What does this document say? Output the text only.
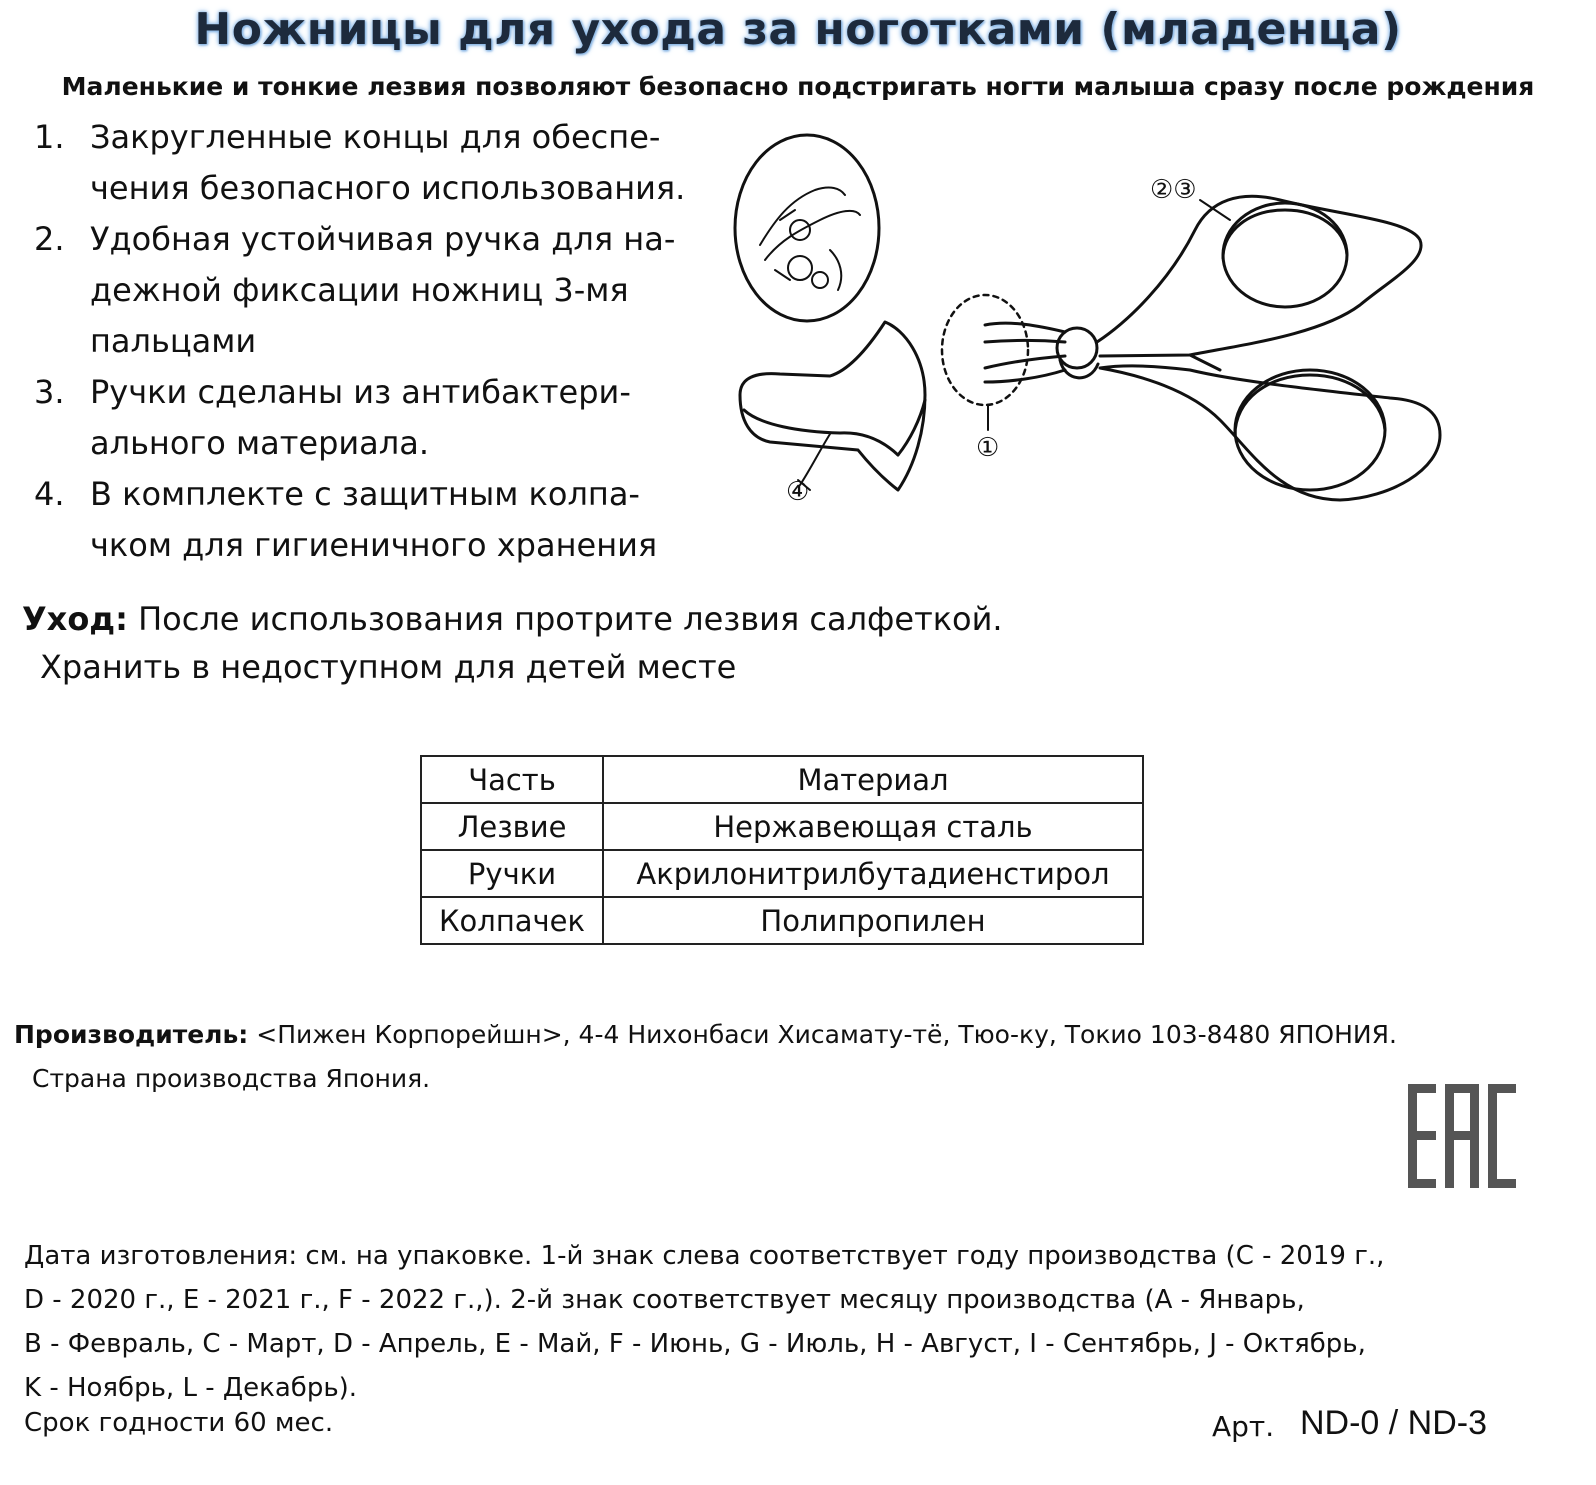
Ножницы для ухода за ноготками (младенца)
Маленькие и тонкие лезвия позволяют безопасно подстригать ногти малыша сразу после рождения
1. Закругленные концы для обеспе-чения безопасного использования.
2. Удобная устойчивая ручка для на-дежной фиксации ножниц 3-мя пальцами
3. Ручки сделаны из антибактери-ального материала.
4. В комплекте с защитным колпа-чком для гигиеничного хранения
①
②③
④
Уход: После использования протрите лезвия салфеткой.
Хранить в недоступном для детей месте
Часть	Материал
Лезвие	Нержавеющая сталь
Ручки	Акрилонитрилбутадиенстирол
Колпачек	Полипропилен
Производитель: <Пижен Корпорейшн>, 4-4 Нихонбаси Хисамату-тё, Тюо-ку, Токио 103-8480 ЯПОНИЯ.
Страна производства Япония.
Дата изготовления: см. на упаковке. 1-й знак слева соответствует году производства (С - 2019 г.,
D - 2020 г., E - 2021 г., F - 2022 г.,). 2-й знак соответствует месяцу производства (А - Январь,
B - Февраль, С - Март, D - Апрель, E - Май, F - Июнь, G - Июль, H - Август, I - Сентябрь, J - Октябрь,
K - Ноябрь, L - Декабрь).
Срок годности 60 мес.	Арт. ND-0 / ND-3
